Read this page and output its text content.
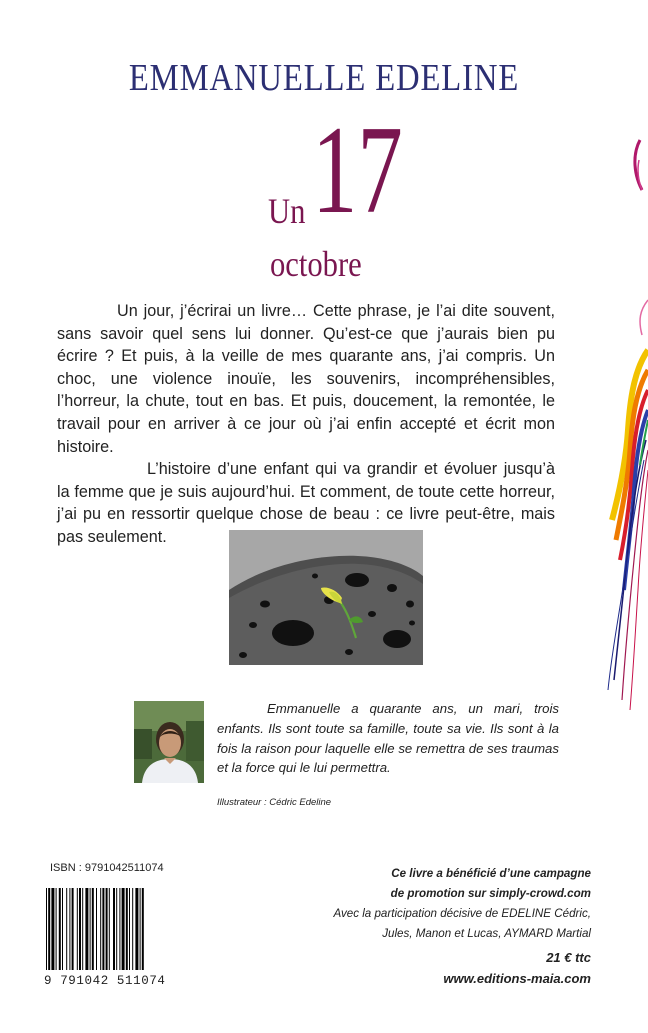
EMMANUELLE EDELINE
17
Un
octobre

Un jour, j’écrirai un livre… Cette phrase, je l’ai dite souvent, sans savoir quel sens lui donner. Qu’est-ce que j’aurais bien pu écrire ? Et puis, à la veille de mes quarante ans, j’ai compris. Un choc, une violence inouïe, les souvenirs, incompréhensibles, l’horreur, la chute, tout en bas. Et puis, doucement, la remontée, le travail pour en arriver à ce jour où j’ai enfin accepté et écrit mon histoire.

L’histoire d’une enfant qui va grandir et évoluer jusqu’à la femme que je suis aujourd’hui. Et comment, de toute cette horreur, j’ai pu en ressortir quelque chose de beau : ce livre peut-être, mais pas seulement.

Emmanuelle a quarante ans, un mari, trois enfants. Ils sont toute sa famille, toute sa vie. Ils sont à la fois la raison pour laquelle elle se remettra de ses traumas et la force qui le lui permettra.
Illustrateur : Cédric Edeline
ISBN : 9791042511074
9 791042 511074
Ce livre a bénéficié d’une campagne
de promotion sur simply-crowd.com
Avec la participation décisive de EDELINE Cédric,
Jules, Manon et Lucas, AYMARD Martial
21 € ttc
www.editions-maia.com
